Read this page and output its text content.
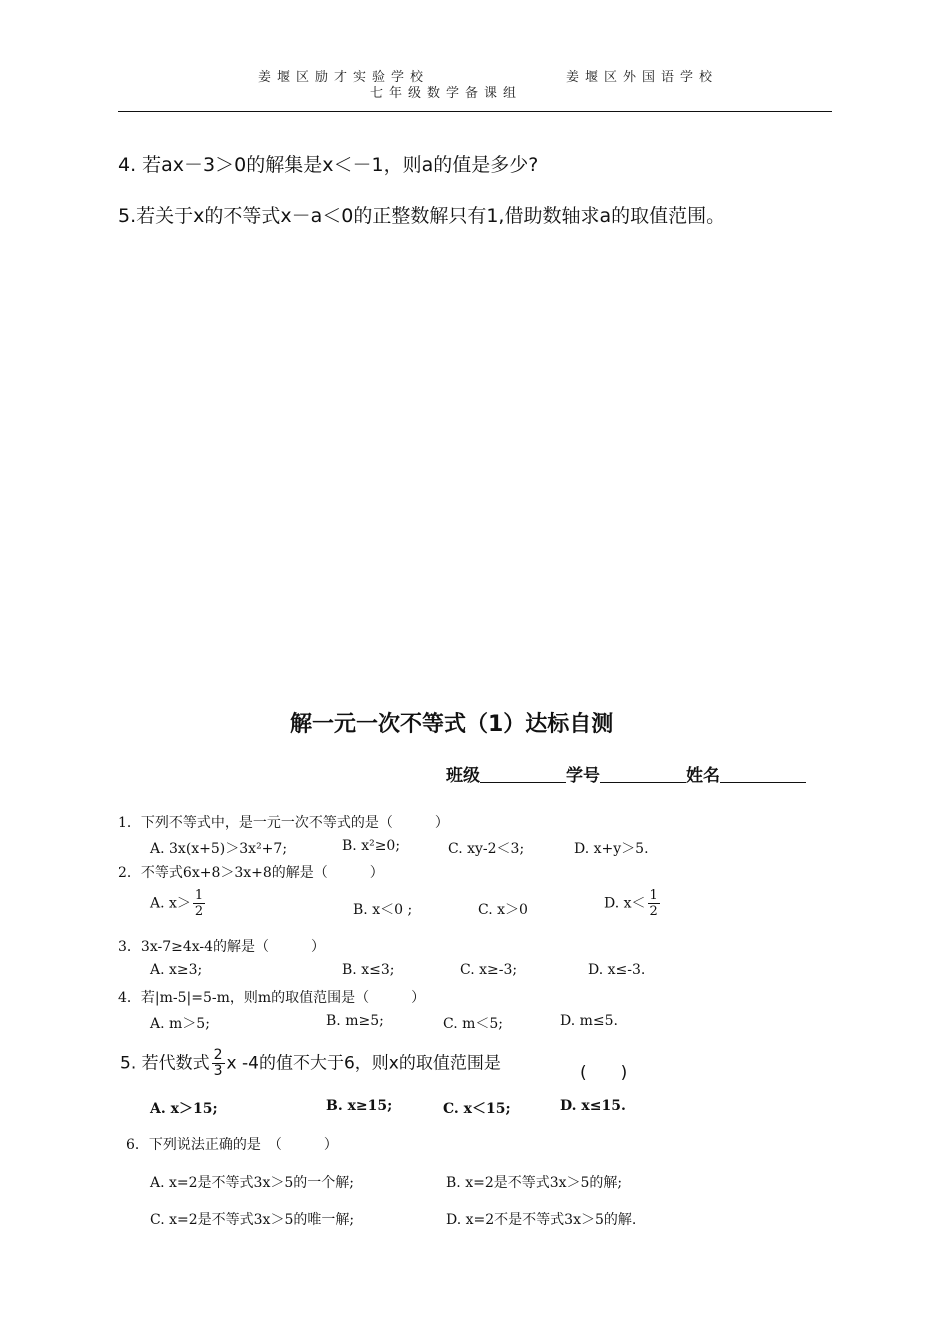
姜堰区励才实验学校	姜堰区外国语学校
七年级数学备课组
4. 若ax－3＞0的解集是x＜－1，则a的值是多少?
5.若关于x的不等式x－a＜0的正整数解只有1,借助数轴求a的取值范围。
解一元一次不等式（1）达标自测
班级	学号	姓名
1．下列不等式中，是一元一次不等式的是（　　　）
A. 3x(x+5)＞3x²+7;	B. x²≥0;	C. xy-2＜3;	D. x+y＞5.
2．不等式6x+8＞3x+8的解是（　　　）
A. $x> \frac{1}{2}$	B. x＜0 ;	C. x＞0	D. $x< \frac{1}{2}$
3．3x-7≥4x-4的解是（　　　）
A. x≥3;	B. x≤3;	C. x≥-3;	D. x≤-3.
4．若|m-5|=5-m，则m的取值范围是（　　　）
A. m＞5;	B. m≥5;	C. m＜5;	D. m≤5.
5. 若代数式 $\frac{2}{3}$ x -4的值不大于6，则x的取值范围是	(　　)
A. x＞15;	B. x≥15;	C. x＜15;	D. x≤15.
6．下列说法正确的是　（　　　）
A. x=2是不等式3x＞5的一个解;	B. x=2是不等式3x＞5的解;
C. x=2是不等式3x＞5的唯一解;	D. x=2不是不等式3x＞5的解.
